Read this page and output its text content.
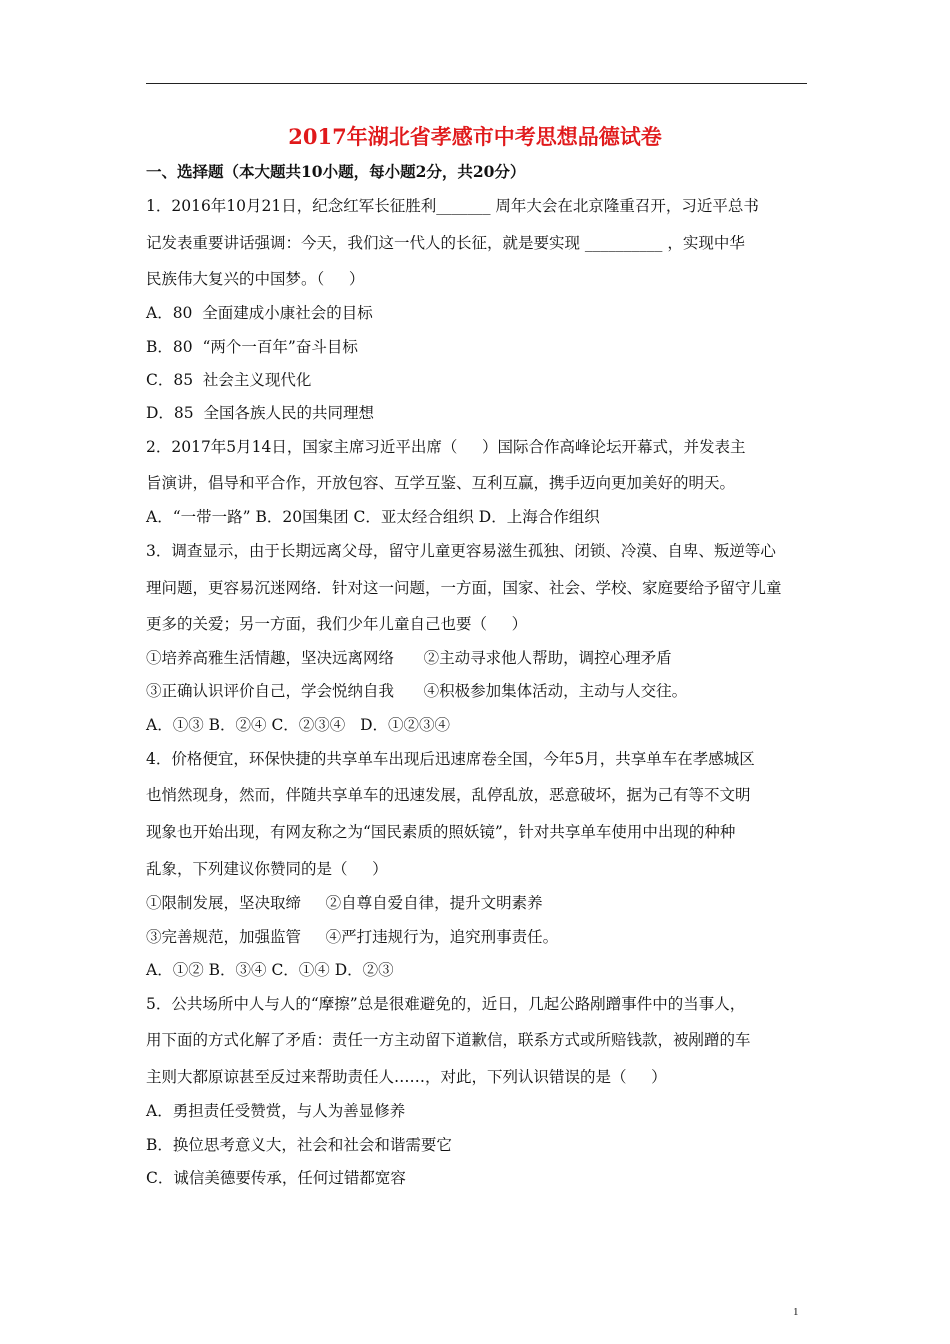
2017年湖北省孝感市中考思想品德试卷
一、选择题（本大题共10小题，每小题2分，共20分）
1．2016年10月21日，纪念红军长征胜利_______ 周年大会在北京隆重召开，习近平总书
记发表重要讲话强调：今天，我们这一代人的长征，就是要实现 __________ ，实现中华
民族伟大复兴的中国梦。（     ）
A．80  全面建成小康社会的目标
B．80  “两个一百年”奋斗目标
C．85  社会主义现代化
D．85  全国各族人民的共同理想
2．2017年5月14日，国家主席习近平出席（     ）国际合作高峰论坛开幕式，并发表主
旨演讲，倡导和平合作，开放包容、互学互鉴、互利互赢，携手迈向更加美好的明天。
A．“一带一路” B．20国集团 C．亚太经合组织 D．上海合作组织
3．调查显示，由于长期远离父母，留守儿童更容易滋生孤独、闭锁、冷漠、自卑、叛逆等心
理问题，更容易沉迷网络．针对这一问题，一方面，国家、社会、学校、家庭要给予留守儿童
更多的关爱；另一方面，我们少年儿童自己也要（     ）
①培养高雅生活情趣，坚决远离网络      ②主动寻求他人帮助，调控心理矛盾
③正确认识评价自己，学会悦纳自我      ④积极参加集体活动，主动与人交往。
A．①③ B．②④ C．②③④   D．①②③④
4．价格便宜，环保快捷的共享单车出现后迅速席卷全国，今年5月，共享单车在孝感城区
也悄然现身，然而，伴随共享单车的迅速发展，乱停乱放，恶意破坏，据为己有等不文明
现象也开始出现，有网友称之为“国民素质的照妖镜”，针对共享单车使用中出现的种种
乱象，下列建议你赞同的是（     ）
①限制发展，坚决取缔     ②自尊自爱自律，提升文明素养
③完善规范，加强监管     ④严打违规行为，追究刑事责任。
A．①② B．③④ C．①④ D．②③
5．公共场所中人与人的“摩擦”总是很难避免的，近日，几起公路剐蹭事件中的当事人，
用下面的方式化解了矛盾：责任一方主动留下道歉信，联系方式或所赔钱款，被剐蹭的车
主则大都原谅甚至反过来帮助责任人……，对此，下列认识错误的是（     ）
A．勇担责任受赞赏，与人为善显修养
B．换位思考意义大，社会和社会和谐需要它
C．诚信美德要传承，任何过错都宽容
1
